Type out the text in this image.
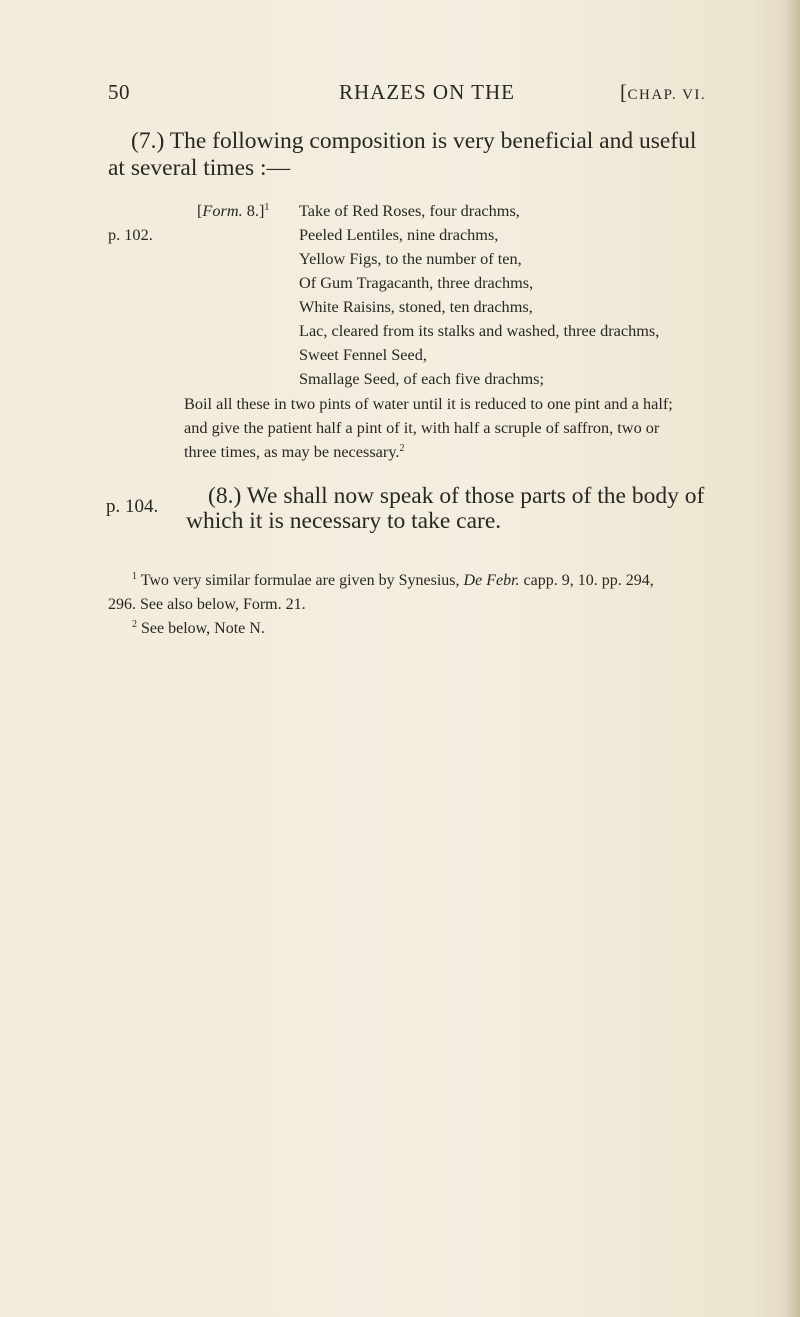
50	RHAZES ON THE	[CHAP. VI.
(7.) The following composition is very beneficial and useful
at several times :—
[Form. 8.]$^1$
p. 102.
Take of Red Roses, four drachms,
Peeled Lentiles, nine drachms,
Yellow Figs, to the number of ten,
Of Gum Tragacanth, three drachms,
White Raisins, stoned, ten drachms,
Lac, cleared from its stalks and washed, three drachms,
Sweet Fennel Seed,
Smallage Seed, of each five drachms;
Boil all these in two pints of water until it is reduced to one pint and a half;
and give the patient half a pint of it, with half a scruple of saffron, two or
three times, as may be necessary.$^2$
(8.) We shall now speak of those parts of the body of
p. 104.
which it is necessary to take care.
$^1$ Two very similar formulae are given by Synesius, De Febr. capp. 9, 10. pp. 294,
296. See also below, Form. 21.
$^2$ See below, Note N.
